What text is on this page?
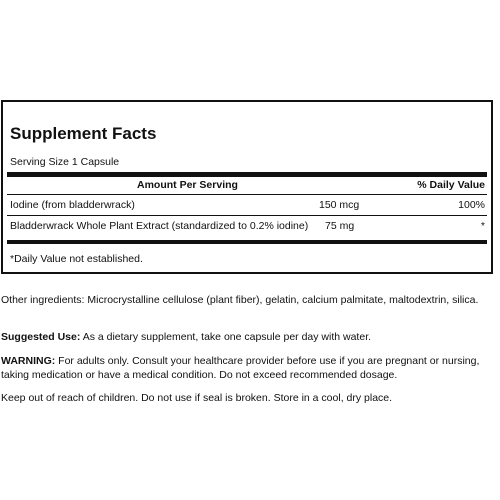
Supplement Facts
Serving Size 1 Capsule
Amount Per Serving	% Daily Value
Iodine (from bladderwrack)	150 mcg	100%
Bladderwrack Whole Plant Extract (standardized to 0.2% iodine) 75 mg	*
*Daily Value not established.
Other ingredients: Microcrystalline cellulose (plant fiber), gelatin, calcium palmitate, maltodextrin, silica.
Suggested Use: As a dietary supplement, take one capsule per day with water.
WARNING: For adults only. Consult your healthcare provider before use if you are pregnant or nursing, taking medication or have a medical condition. Do not exceed recommended dosage.
Keep out of reach of children. Do not use if seal is broken. Store in a cool, dry place.
